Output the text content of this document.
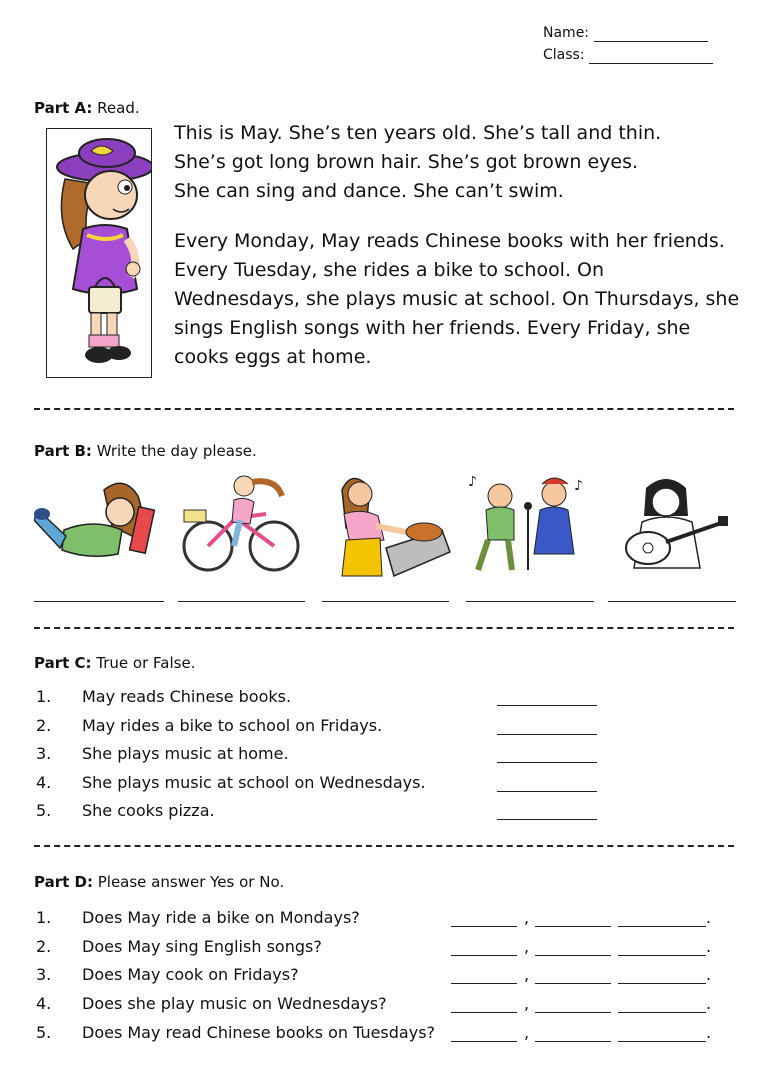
Name:
Class:
Part A: Read.
This is May. She’s ten years old. She’s tall and thin.
She’s got long brown hair. She’s got brown eyes.
She can sing and dance. She can’t swim.
Every Monday, May reads Chinese books with her friends.
Every Tuesday, she rides a bike to school. On
Wednesdays, she plays music at school. On Thursdays, she
sings English songs with her friends. Every Friday, she
cooks eggs at home.
Part B: Write the day please.
♪	♪
Part C: True or False.
1. May reads Chinese books.
2. May rides a bike to school on Fridays.
3. She plays music at home.
4. She plays music at school on Wednesdays.
5. She cooks pizza.
Part D: Please answer Yes or No.
1. Does May ride a bike on Mondays?	,	.
2. Does May sing English songs?	,	.
3. Does May cook on Fridays?	,	.
4. Does she play music on Wednesdays?	,	.
5. Does May read Chinese books on Tuesdays?	,	.
